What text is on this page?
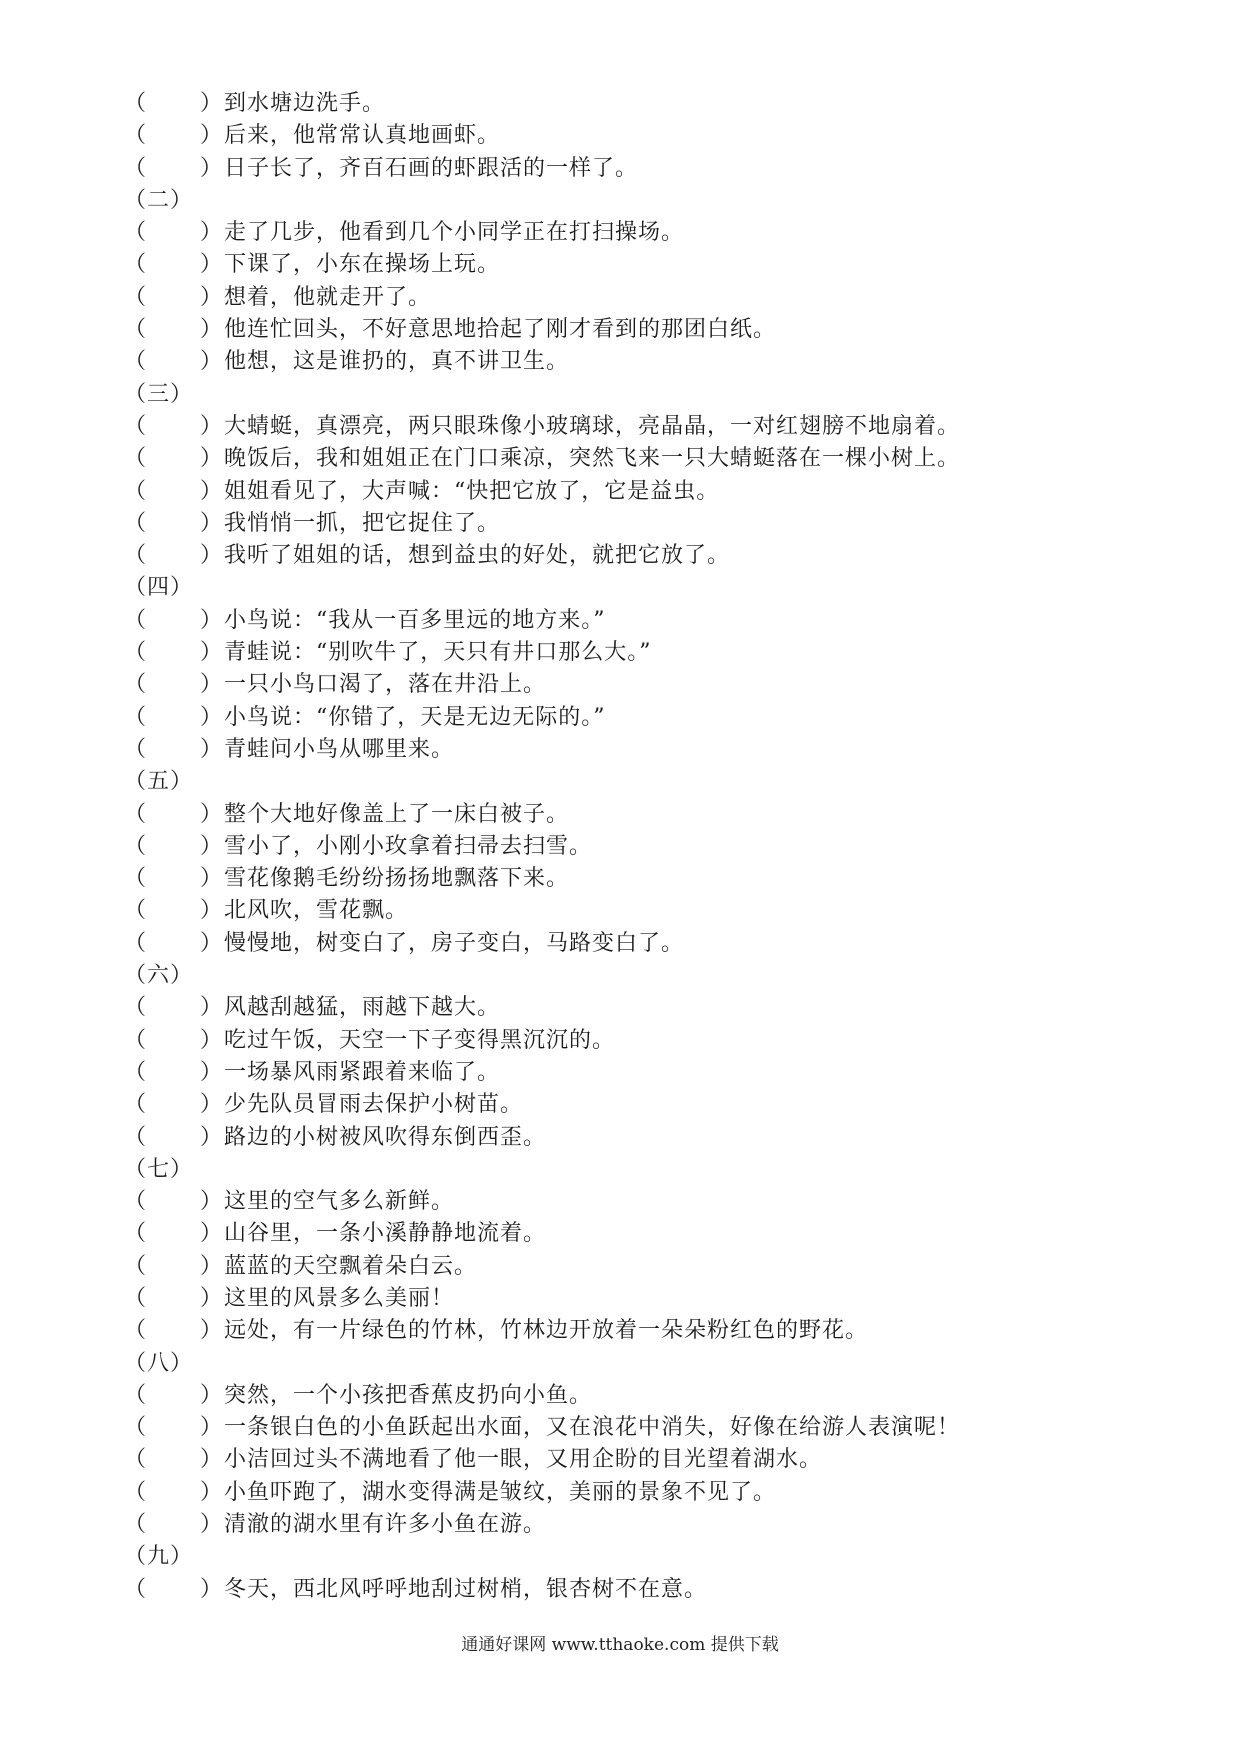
（ ） 到水塘边洗手。
（ ） 后来，他常常认真地画虾。
（ ） 日子长了，齐百石画的虾跟活的一样了。
（二）
（ ） 走了几步，他看到几个小同学正在打扫操场。
（ ） 下课了，小东在操场上玩。
（ ） 想着，他就走开了。
（ ） 他连忙回头，不好意思地拾起了刚才看到的那团白纸。
（ ） 他想，这是谁扔的，真不讲卫生。
（三）
（ ） 大蜻蜓，真漂亮，两只眼珠像小玻璃球，亮晶晶，一对红翅膀不地扇着。
（ ） 晚饭后，我和姐姐正在门口乘凉，突然飞来一只大蜻蜓落在一棵小树上。
（ ） 姐姐看见了，大声喊：“快把它放了，它是益虫。
（ ） 我悄悄一抓，把它捉住了。
（ ） 我听了姐姐的话，想到益虫的好处，就把它放了。
（四）
（ ） 小鸟说：“我从一百多里远的地方来。”
（ ） 青蛙说：“别吹牛了，天只有井口那么大。”
（ ） 一只小鸟口渴了，落在井沿上。
（ ） 小鸟说：“你错了，天是无边无际的。”
（ ） 青蛙问小鸟从哪里来。
（五）
（ ） 整个大地好像盖上了一床白被子。
（ ） 雪小了，小刚小玫拿着扫帚去扫雪。
（ ） 雪花像鹅毛纷纷扬扬地飘落下来。
（ ） 北风吹，雪花飘。
（ ） 慢慢地，树变白了，房子变白，马路变白了。
（六）
（ ） 风越刮越猛，雨越下越大。
（ ） 吃过午饭，天空一下子变得黑沉沉的。
（ ） 一场暴风雨紧跟着来临了。
（ ） 少先队员冒雨去保护小树苗。
（ ） 路边的小树被风吹得东倒西歪。
（七）
（ ） 这里的空气多么新鲜。
（ ） 山谷里，一条小溪静静地流着。
（ ） 蓝蓝的天空飘着朵白云。
（ ） 这里的风景多么美丽！
（ ） 远处，有一片绿色的竹林，竹林边开放着一朵朵粉红色的野花。
（八）
（ ） 突然，一个小孩把香蕉皮扔向小鱼。
（ ） 一条银白色的小鱼跃起出水面，又在浪花中消失，好像在给游人表演呢！
（ ） 小洁回过头不满地看了他一眼，又用企盼的目光望着湖水。
（ ） 小鱼吓跑了，湖水变得满是皱纹，美丽的景象不见了。
（ ） 清澈的湖水里有许多小鱼在游。
（九）
（ ） 冬天，西北风呼呼地刮过树梢，银杏树不在意。
通通好课网 www.tthaoke.com 提供下载
